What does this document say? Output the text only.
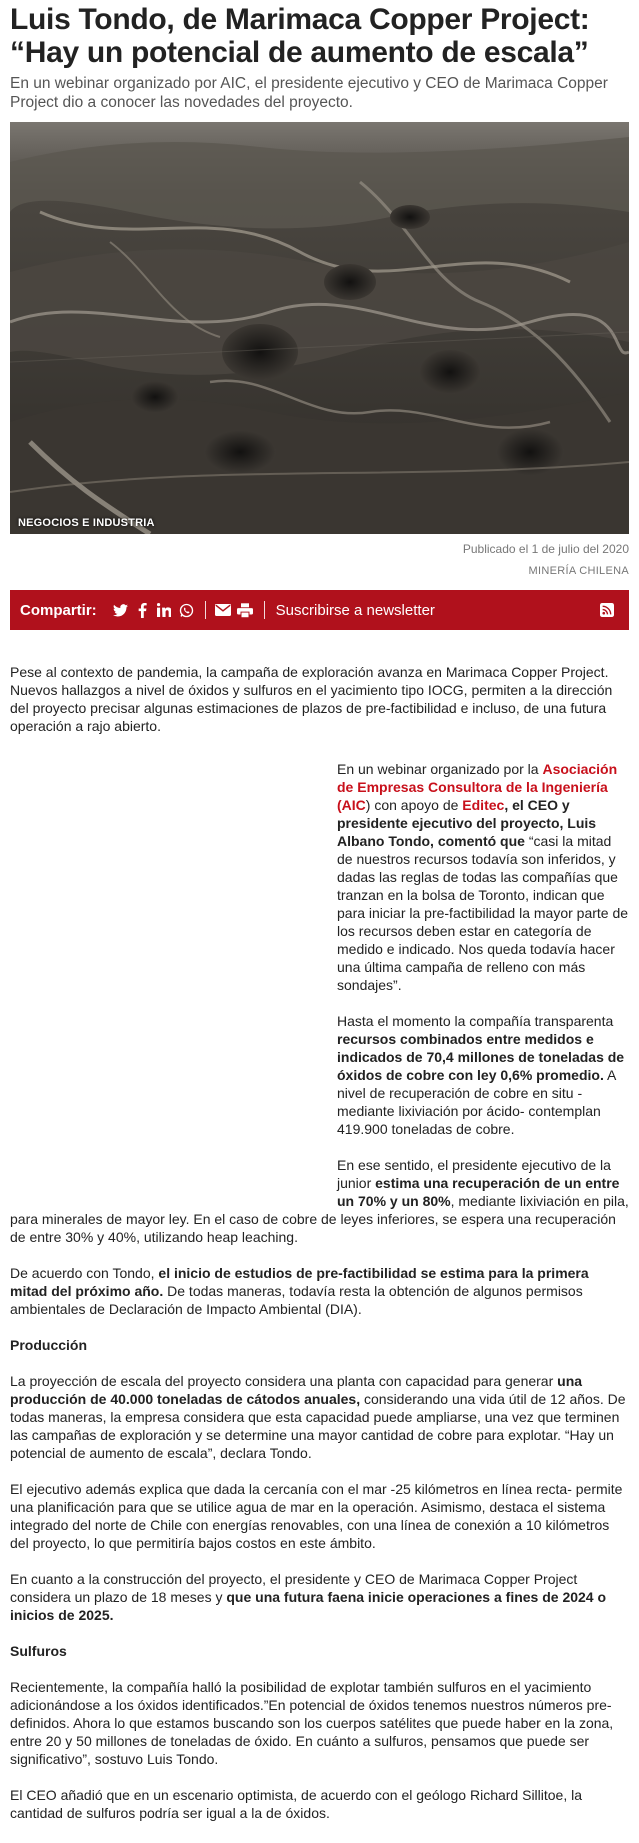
Luis Tondo, de Marimaca Copper Project: “Hay un potencial de aumento de escala”

En un webinar organizado por AIC, el presidente ejecutivo y CEO de Marimaca Copper Project dio a conocer las novedades del proyecto.

NEGOCIOS E INDUSTRIA
Publicado el 1 de julio del 2020
MINERÍA CHILENA
Compartir:	Suscribirse a newsletter

Pese al contexto de pandemia, la campaña de exploración avanza en Marimaca Copper Project. Nuevos hallazgos a nivel de óxidos y sulfuros en el yacimiento tipo IOCG, permiten a la dirección del proyecto precisar algunas estimaciones de plazos de pre-factibilidad e incluso, de una futura operación a rajo abierto.

En un webinar organizado por la Asociación de Empresas Consultora de la Ingeniería (AIC) con apoyo de Editec, el CEO y presidente ejecutivo del proyecto, Luis Albano Tondo, comentó que “casi la mitad de nuestros recursos todavía son inferidos, y dadas las reglas de todas las compañías que tranzan en la bolsa de Toronto, indican que para iniciar la pre-factibilidad la mayor parte de los recursos deben estar en categoría de medido e indicado. Nos queda todavía hacer una última campaña de relleno con más sondajes”.

Hasta el momento la compañía transparenta recursos combinados entre medidos e indicados de 70,4 millones de toneladas de óxidos de cobre con ley 0,6% promedio. A nivel de recuperación de cobre en situ -mediante lixiviación por ácido- contemplan 419.900 toneladas de cobre.

En ese sentido, el presidente ejecutivo de la junior estima una recuperación de un entre un 70% y un 80%, mediante lixiviación en pila, para minerales de mayor ley. En el caso de cobre de leyes inferiores, se espera una recuperación de entre 30% y 40%, utilizando heap leaching.

De acuerdo con Tondo, el inicio de estudios de pre-factibilidad se estima para la primera mitad del próximo año. De todas maneras, todavía resta la obtención de algunos permisos ambientales de Declaración de Impacto Ambiental (DIA).

Producción

La proyección de escala del proyecto considera una planta con capacidad para generar una producción de 40.000 toneladas de cátodos anuales, considerando una vida útil de 12 años. De todas maneras, la empresa considera que esta capacidad puede ampliarse, una vez que terminen las campañas de exploración y se determine una mayor cantidad de cobre para explotar. “Hay un potencial de aumento de escala”, declara Tondo.

El ejecutivo además explica que dada la cercanía con el mar -25 kilómetros en línea recta- permite una planificación para que se utilice agua de mar en la operación. Asimismo, destaca el sistema integrado del norte de Chile con energías renovables, con una línea de conexión a 10 kilómetros del proyecto, lo que permitiría bajos costos en este ámbito.

En cuanto a la construcción del proyecto, el presidente y CEO de Marimaca Copper Project considera un plazo de 18 meses y que una futura faena inicie operaciones a fines de 2024 o inicios de 2025.

Sulfuros

Recientemente, la compañía halló la posibilidad de explotar también sulfuros en el yacimiento adicionándose a los óxidos identificados.”En potencial de óxidos tenemos nuestros números pre-definidos. Ahora lo que estamos buscando son los cuerpos satélites que puede haber en la zona, entre 20 y 50 millones de toneladas de óxido. En cuánto a sulfuros, pensamos que puede ser significativo”, sostuvo Luis Tondo.

El CEO añadió que en un escenario optimista, de acuerdo con el geólogo Richard Sillitoe, la cantidad de sulfuros podría ser igual a la de óxidos.
